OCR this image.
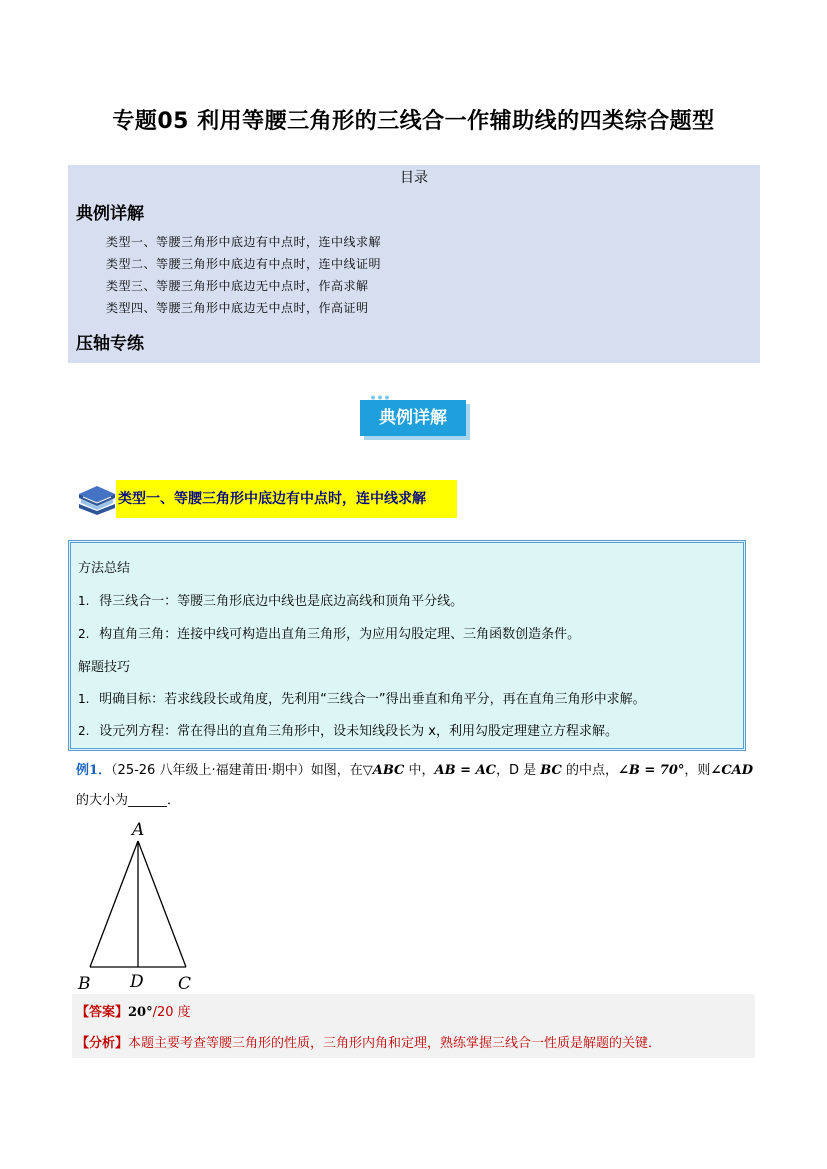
专题05 利用等腰三角形的三线合一作辅助线的四类综合题型
目录
典例详解
类型一、等腰三角形中底边有中点时，连中线求解
类型二、等腰三角形中底边有中点时，连中线证明
类型三、等腰三角形中底边无中点时，作高求解
类型四、等腰三角形中底边无中点时，作高证明
压轴专练
典例详解
类型一、等腰三角形中底边有中点时，连中线求解
方法总结
1. 得三线合一：等腰三角形底边中线也是底边高线和顶角平分线。
2. 构直角三角：连接中线可构造出直角三角形，为应用勾股定理、三角函数创造条件。
解题技巧
1. 明确目标：若求线段长或角度，先利用“三线合一”得出垂直和角平分，再在直角三角形中求解。
2. 设元列方程：常在得出的直角三角形中，设未知线段长为 x，利用勾股定理建立方程求解。
例1．（25-26 八年级上·福建莆田·期中）如图，在▽ABC 中，AB = AC，D 是 BC 的中点，∠B = 70°，则∠CAD
的大小为______．
A
B D C
【答案】20°/20 度
【分析】本题主要考查等腰三角形的性质，三角形内角和定理，熟练掌握三线合一性质是解题的关键．
